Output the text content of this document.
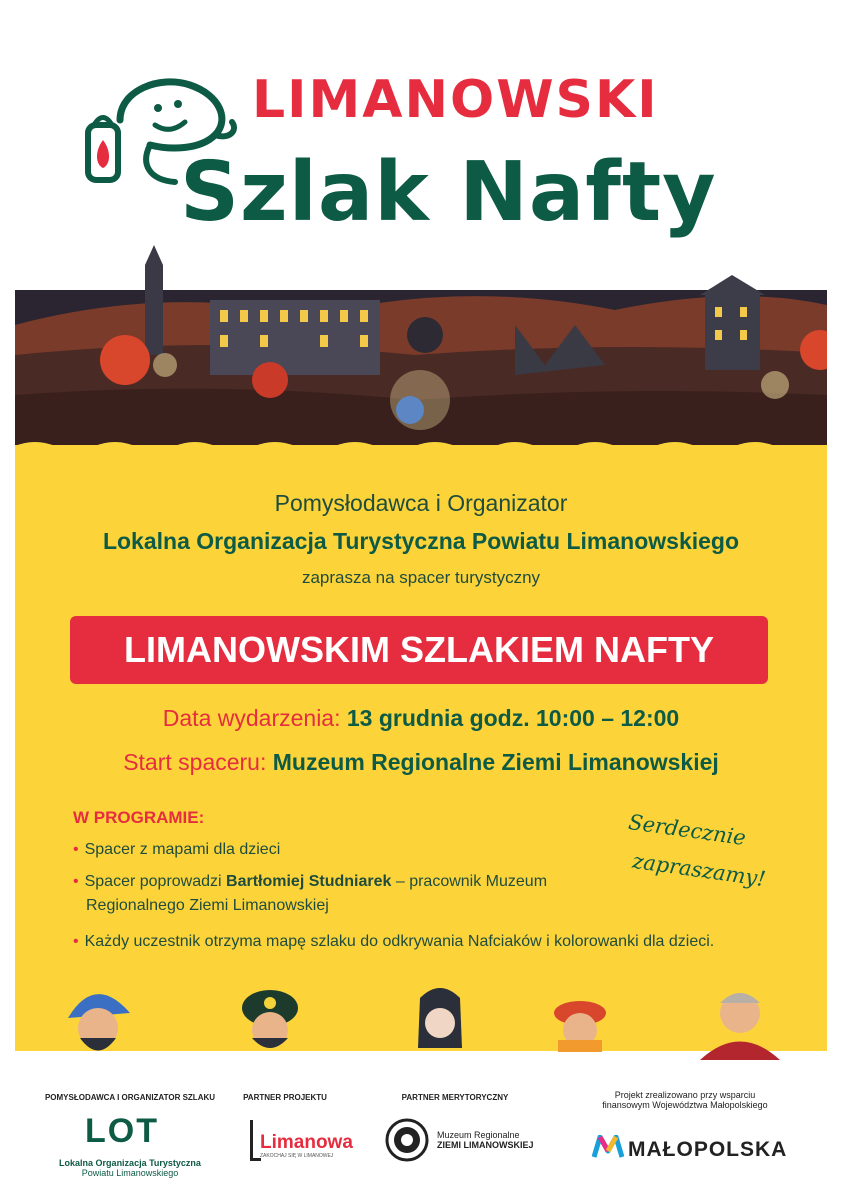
LIMANOWSKI
Szlak Nafty
Pomysłodawca i Organizator
Lokalna Organizacja Turystyczna Powiatu Limanowskiego
zaprasza na spacer turystyczny
LIMANOWSKIM SZLAKIEM NAFTY
Data wydarzenia: 13 grudnia godz. 10:00 – 12:00
Start spaceru: Muzeum Regionalne Ziemi Limanowskiej
W PROGRAMIE:
• Spacer z mapami dla dzieci
• Spacer poprowadzi Bartłomiej Studniarek – pracownik Muzeum
Regionalnego Ziemi Limanowskiej
• Każdy uczestnik otrzyma mapę szlaku do odkrywania Nafciaków i kolorowanki dla dzieci.
Serdecznie
zapraszamy!
POMYSŁODAWCA I ORGANIZATOR SZLAKU	PARTNER PROJEKTU	PARTNER MERYTORYCZNY	Projekt zrealizowano przy wsparciu
finansowym Województwa Małopolskiego
LOT
Lokalna Organizacja Turystyczna
Powiatu Limanowskiego
Limanowa
ZAKOCHAJ SIĘ W LIMANOWEJ
Muzeum Regionalne
ZIEMI LIMANOWSKIEJ	MAŁOPOLSKA
